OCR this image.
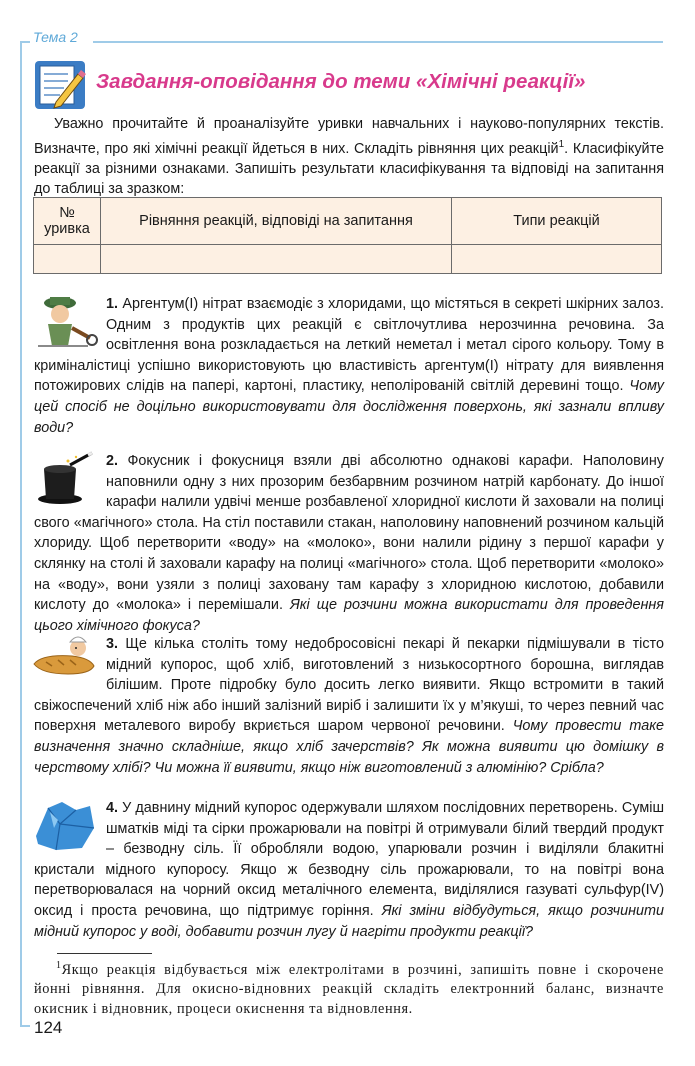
Тема 2
Завдання-оповідання до теми «Хімічні реакції»

Уважно прочитайте й проаналізуйте уривки навчальних і науково-популярних текстів. Визначте, про які хімічні реакції йдеться в них. Складіть рівняння цих реакцій$^1$. Класифікуйте реакції за різними ознаками. Запишіть результати класифікування та відповіді на запитання до таблиці за зразком:

№ уривка	Рівняння реакцій, відповіді на запитання	Типи реакцій

1. Аргентум(I) нітрат взаємодіє з хлоридами, що містяться в секреті шкірних залоз. Одним з продуктів цих реакцій є світлочутлива нерозчинна речовина. За освітлення вона розкладається на леткий неметал і метал сірого кольору. Тому в криміналістиці успішно використовують цю властивість аргентум(I) нітрату для виявлення потожирових слідів на папері, картоні, пластику, неполірованій світлій деревині тощо. Чому цей спосіб не доцільно використовувати для дослідження поверхонь, які зазнали впливу води?
2. Фокусник і фокусниця взяли дві абсолютно однакові карафи. Наполовину наповнили одну з них прозорим безбарвним розчином натрій карбонату. До іншої карафи налили удвічі менше розбавленої хлоридної кислоти й заховали на полиці свого «магічного» стола. На стіл поставили стакан, наполовину наповнений розчином кальцій хлориду. Щоб перетворити «воду» на «молоко», вони налили рідину з першої карафи у склянку на столі й заховали карафу на полиці «магічного» стола. Щоб перетворити «молоко» на «воду», вони узяли з полиці заховану там карафу з хлоридною кислотою, добавили кислоту до «молока» і перемішали. Які ще розчини можна використати для проведення цього хімічного фокуса?
3. Ще кілька століть тому недобросовісні пекарі й пекарки підмішували в тісто мідний купорос, щоб хліб, виготовлений з низькосортного борошна, виглядав білішим. Проте підробку було досить легко виявити. Якщо встромити в такий свіжоспечений хліб ніж або інший залізний виріб і залишити їх у м’якуші, то через певний час поверхня металевого виробу вкриється шаром червоної речовини. Чому провести таке визначення значно складніше, якщо хліб зачерствів? Як можна виявити цю домішку в черствому хлібі? Чи можна її виявити, якщо ніж виготовлений з алюмінію? Срібла?
4. У давнину мідний купорос одержували шляхом послідовних перетворень. Суміш шматків міді та сірки прожарювали на повітрі й отримували білий твердий продукт – безводну сіль. Її обробляли водою, упарювали розчин і виділяли блакитні кристали мідного купоросу. Якщо ж безводну сіль прожарювали, то на повітрі вона перетворювалася на чорний оксид металічного елемента, виділялися газуваті сульфур(IV) оксид і проста речовина, що підтримує горіння. Які зміни відбудуться, якщо розчинити мідний купорос у воді, добавити розчин лугу й нагріти продукти реакції?

$^1$Якщо реакція відбувається між електролітами в розчині, запишіть повне і скорочене йонні рівняння. Для окисно-відновних реакцій складіть електронний баланс, визначте окисник і відновник, процеси окиснення та відновлення.

124
